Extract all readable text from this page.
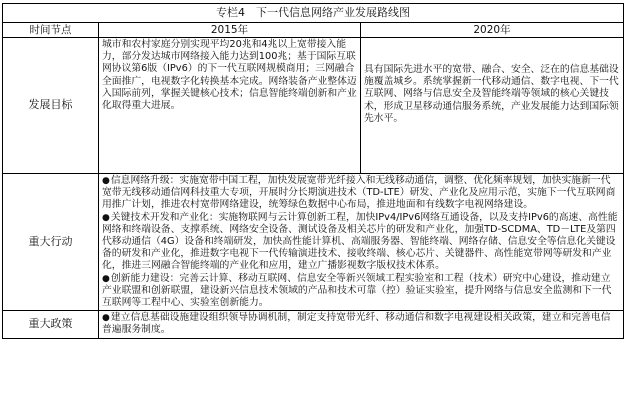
专栏4　下一代信息网络产业发展路线图		
时间节点	2015年	2020年
发展目标	城市和农村家庭分别实现平均20兆和4兆以上宽带接入能力，部分发达城市网络接入能力达到100兆；基于国际互联网协议第6版（IPv6）的下一代互联网规模商用；三网融合全面推广，电视数字化转换基本完成。网络装备产业整体迈入国际前列，掌握关键核心技术；信息智能终端创新和产业化取得重大进展。	具有国际先进水平的宽带、融合、安全、泛在的信息基础设施覆盖城乡。系统掌握新一代移动通信、数字电视、下一代互联网、网络与信息安全及智能终端等领域的核心关键技术，形成卫星移动通信服务系统，产业发展能力达到国际领先水平。
重大行动	●信息网络升级：实施宽带中国工程，加快发展宽带光纤接入和无线移动通信，调整、优化频率规划，加快实施新一代宽带无线移动通信网科技重大专项，开展时分长期演进技术（TD-LTE）研发、产业化及应用示范，实施下一代互联网商用推广计划，推进农村宽带网络建设，统筹绿色数据中心布局，推进地面和有线数字电视网络建设。
●关键技术开发和产业化：实施物联网与云计算创新工程，加快IPv4/IPv6网络互通设备，以及支持IPv6的高速、高性能网络和终端设备、支撑系统、网络安全设备、测试设备及相关芯片的研发和产业化，加强TD-SCDMA、TD－LTE及第四代移动通信（4G）设备和终端研发，加快高性能计算机、高端服务器、智能终端、网络存储、信息安全等信息化关键设备的研发和产业化，推进数字电视下一代传输演进技术、接收终端、核心芯片、关键器件、高性能宽带网等研发和产业化，推进三网融合智能终端的产业化和应用，建立广播影视数字版权技术体系。
●创新能力建设：完善云计算、移动互联网、信息安全等新兴领域工程实验室和工程（技术）研究中心建设，推动建立产业联盟和创新联盟，建设新兴信息技术领域的产品和技术可靠（控）验证实验室，提升网络与信息安全监测和下一代互联网等工程中心、实验室创新能力。	

重大政策	●建立信息基础设施建设组织领导协调机制，制定支持宽带光纤、移动通信和数字电视建设相关政策，建立和完善电信普遍服务制度。	
